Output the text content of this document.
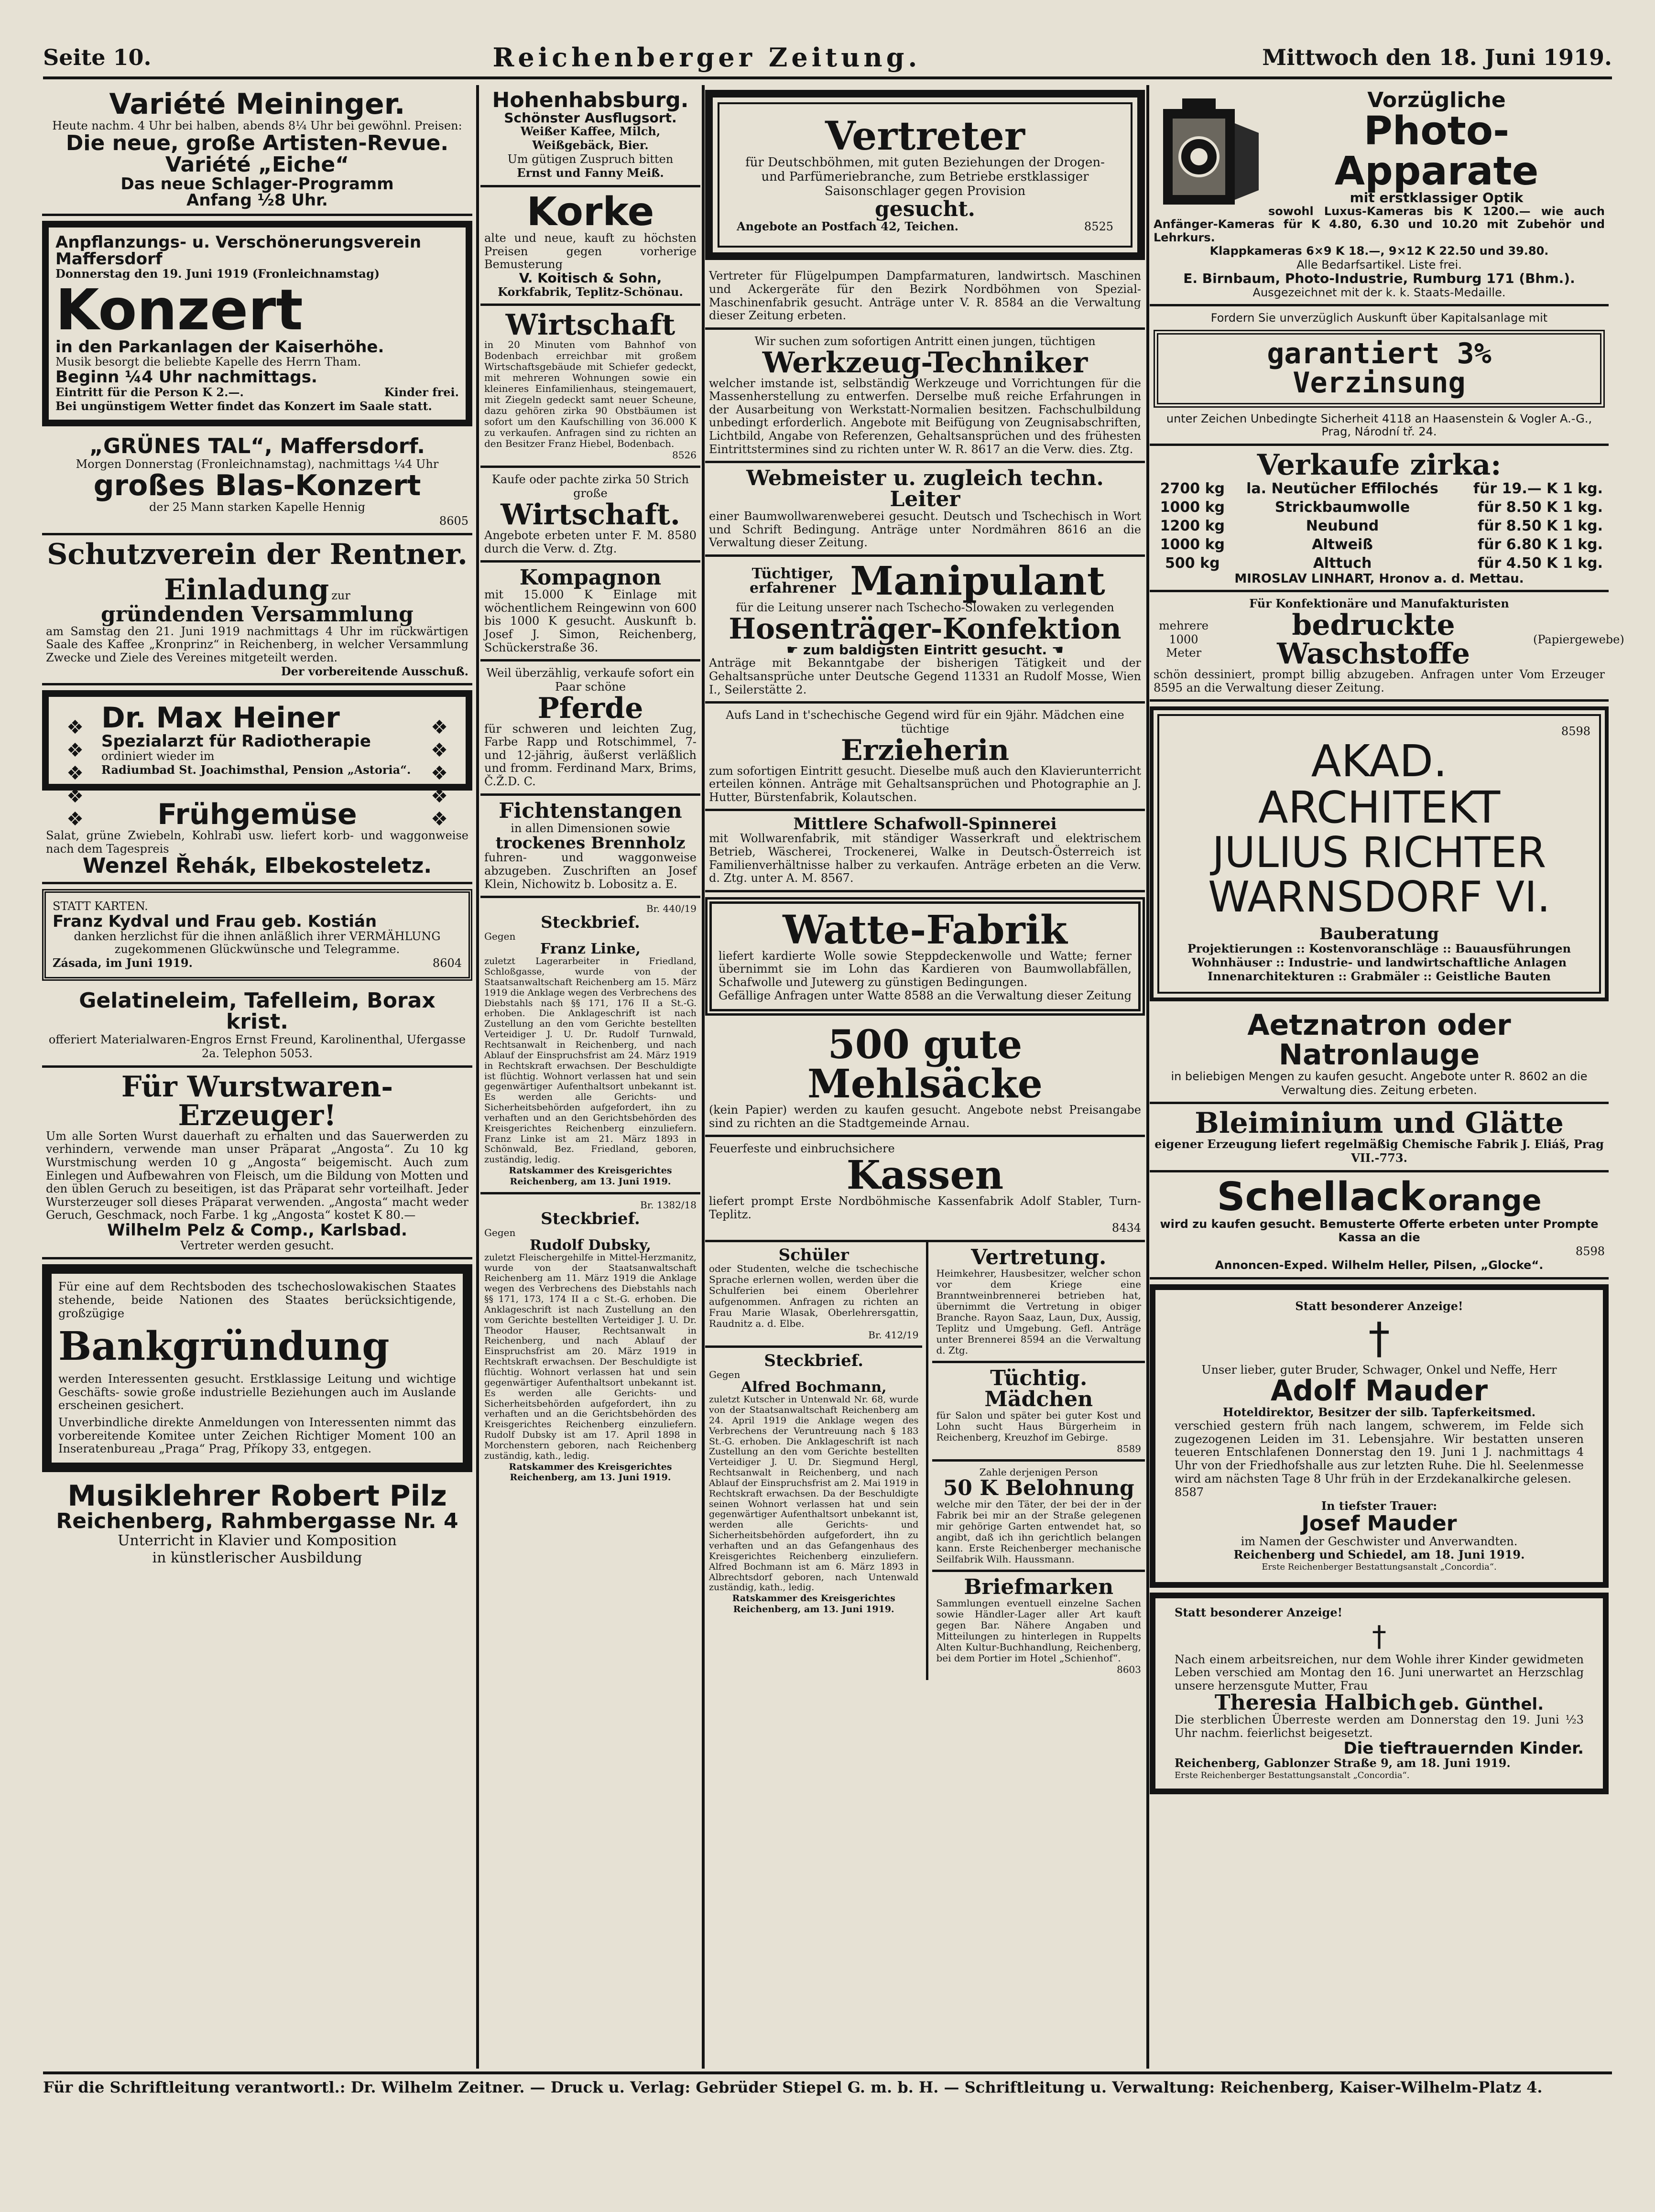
Seite 10.	Reichenberger Zeitung.	Mittwoch den 18. Juni 1919.
Variété Meininger.
Heute nachm. 4 Uhr bei halben, abends 8¼ Uhr bei gewöhnl. Preisen:
Die neue, große Artisten-Revue.
Variété „Eiche“
Das neue Schlager-Programm
Anfang ½8 Uhr.
Anpflanzungs- u. Verschönerungsverein Maffersdorf
Donnerstag den 19. Juni 1919 (Fronleichnamstag)
Konzert
in den Parkanlagen der Kaiserhöhe.
Musik besorgt die beliebte Kapelle des Herrn Tham.
Beginn ¼4 Uhr nachmittags.
Eintritt für die Person K 2.—.	Kinder frei.
Bei ungünstigem Wetter findet das Konzert im Saale statt.
„GRÜNES TAL“, Maffersdorf.
Morgen Donnerstag (Fronleichnamstag), nachmittags ¼4 Uhr
großes Blas-Konzert
der 25 Mann starken Kapelle Hennig
8605
Schutzverein der Rentner.
Einladung zur
gründenden Versammlung
am Samstag den 21. Juni 1919 nachmittags 4 Uhr im rückwärtigen Saale des Kaffee „Kronprinz“ in Reichenberg, in welcher Versammlung Zwecke und Ziele des Vereines mitgeteilt werden.
Der vorbereitende Ausschuß.
❖
❖
❖
❖
❖
❖
❖
❖
❖
❖
Dr. Max Heiner
Spezialarzt für Radiotherapie
ordiniert wieder im
Radiumbad St. Joachimsthal, Pension „Astoria“.
Frühgemüse
Salat, grüne Zwiebeln, Kohlrabi usw. liefert korb- und waggonweise nach dem Tagespreis
Wenzel Řehák, Elbekosteletz.
STATT KARTEN.
Franz Kydval und Frau geb. Kostián
danken herzlichst für die ihnen anläßlich ihrer VERMÄHLUNG zugekommenen Glückwünsche und Telegramme.
Zásada, im Juni 1919.	8604
Gelatineleim, Tafelleim, Borax krist.
offeriert Materialwaren-Engros Ernst Freund, Karolinenthal, Ufergasse 2a. Telephon 5053.
Für Wurstwaren-Erzeuger!
Um alle Sorten Wurst dauerhaft zu erhalten und das Sauerwerden zu verhindern, verwende man unser Präparat „Angosta“. Zu 10 kg Wurstmischung werden 10 g „Angosta“ beigemischt. Auch zum Einlegen und Aufbewahren von Fleisch, um die Bildung von Motten und den üblen Geruch zu beseitigen, ist das Präparat sehr vorteilhaft. Jeder Wursterzeuger soll dieses Präparat verwenden. „Angosta“ macht weder Geruch, Geschmack, noch Farbe. 1 kg „Angosta“ kostet K 80.—
Wilhelm Pelz & Comp., Karlsbad.
Vertreter werden gesucht.
Für eine auf dem Rechtsboden des tschechoslowakischen Staates stehende, beide Nationen des Staates berücksichtigende, großzügige
Bankgründung
werden Interessenten gesucht. Erstklassige Leitung und wichtige Geschäfts- sowie große industrielle Beziehungen auch im Auslande erscheinen gesichert.
Unverbindliche direkte Anmeldungen von Interessenten nimmt das vorbereitende Komitee unter Zeichen Richtiger Moment 100 an Inseratenbureau „Praga“ Prag, Příkopy 33, entgegen.
Musiklehrer Robert Pilz
Reichenberg, Rahmbergasse Nr. 4
Unterricht in Klavier und Komposition
in künstlerischer Ausbildung
Hohenhabsburg.
Schönster Ausflugsort.
Weißer Kaffee, Milch, Weißgebäck, Bier.
Um gütigen Zuspruch bitten
Ernst und Fanny Meiß.
Korke
alte und neue, kauft zu höchsten Preisen gegen vorherige Bemusterung
V. Koitisch & Sohn,
Korkfabrik, Teplitz-Schönau.
Wirtschaft
in 20 Minuten vom Bahnhof von Bodenbach erreichbar mit großem Wirtschaftsgebäude mit Schiefer gedeckt, mit mehreren Wohnungen sowie ein kleineres Einfamilienhaus, steingemauert, mit Ziegeln gedeckt samt neuer Scheune, dazu gehören zirka 90 Obstbäumen ist sofort um den Kaufschilling von 36.000 K zu verkaufen. Anfragen sind zu richten an den Besitzer Franz Hiebel, Bodenbach.
8526
Kaufe oder pachte zirka 50 Strich große
Wirtschaft.
Angebote erbeten unter F. M. 8580 durch die Verw. d. Ztg.
Kompagnon
mit 15.000 K Einlage mit wöchentlichem Reingewinn von 600 bis 1000 K gesucht. Auskunft b. Josef J. Simon, Reichenberg, Schückerstraße 36.
Weil überzählig, verkaufe sofort ein Paar schöne
Pferde
für schweren und leichten Zug, Farbe Rapp und Rotschimmel, 7- und 12-jährig, äußerst verläßlich und fromm. Ferdinand Marx, Brims, Č.Ž.D. C.
Fichtenstangen
in allen Dimensionen sowie
trockenes Brennholz
fuhren- und waggonweise abzugeben. Zuschriften an Josef Klein, Nichowitz b. Lobositz a. E.
Br. 440/19
Steckbrief.
Gegen
Franz Linke,
zuletzt Lagerarbeiter in Friedland, Schloßgasse, wurde von der Staatsanwaltschaft Reichenberg am 15. März 1919 die Anklage wegen des Verbrechens des Diebstahls nach §§ 171, 176 II a St.-G. erhoben. Die Anklageschrift ist nach Zustellung an den vom Gerichte bestellten Verteidiger J. U. Dr. Rudolf Turnwald, Rechtsanwalt in Reichenberg, und nach Ablauf der Einspruchsfrist am 24. März 1919 in Rechtskraft erwachsen. Der Beschuldigte ist flüchtig. Wohnort verlassen hat und sein gegenwärtiger Aufenthaltsort unbekannt ist. Es werden alle Gerichts- und Sicherheitsbehörden aufgefordert, ihn zu verhaften und an den Gerichtsbehörden des Kreisgerichtes Reichenberg einzuliefern. Franz Linke ist am 21. März 1893 in Schönwald, Bez. Friedland, geboren, zuständig, ledig.
Ratskammer des Kreisgerichtes Reichenberg, am 13. Juni 1919.
Br. 1382/18
Steckbrief.
Gegen
Rudolf Dubsky,
zuletzt Fleischergehilfe in Mittel-Herzmanitz, wurde von der Staatsanwaltschaft Reichenberg am 11. März 1919 die Anklage wegen des Verbrechens des Diebstahls nach §§ 171, 173, 174 II a c St.-G. erhoben. Die Anklageschrift ist nach Zustellung an den vom Gerichte bestellten Verteidiger J. U. Dr. Theodor Hauser, Rechtsanwalt in Reichenberg, und nach Ablauf der Einspruchsfrist am 20. März 1919 in Rechtskraft erwachsen. Der Beschuldigte ist flüchtig. Wohnort verlassen hat und sein gegenwärtiger Aufenthaltsort unbekannt ist. Es werden alle Gerichts- und Sicherheitsbehörden aufgefordert, ihn zu verhaften und an die Gerichtsbehörden des Kreisgerichtes Reichenberg einzuliefern. Rudolf Dubsky ist am 17. April 1898 in Morchenstern geboren, nach Reichenberg zuständig, kath., ledig.
Ratskammer des Kreisgerichtes Reichenberg, am 13. Juni 1919.
Vertreter
für Deutschböhmen, mit guten Beziehungen der Drogen- und Parfümeriebranche, zum Betriebe erstklassiger Saisonschlager gegen Provision
gesucht.
Angebote an Postfach 42, Teichen.	8525
Vertreter für Flügelpumpen Dampfarmaturen, landwirtsch. Maschinen und Ackergeräte für den Bezirk Nordböhmen von Spezial-Maschinenfabrik gesucht. Anträge unter V. R. 8584 an die Verwaltung dieser Zeitung erbeten.
Wir suchen zum sofortigen Antritt einen jungen, tüchtigen
Werkzeug-Techniker
welcher imstande ist, selbständig Werkzeuge und Vorrichtungen für die Massenherstellung zu entwerfen. Derselbe muß reiche Erfahrungen in der Ausarbeitung von Werkstatt-Normalien besitzen. Fachschulbildung unbedingt erforderlich. Angebote mit Beifügung von Zeugnisabschriften, Lichtbild, Angabe von Referenzen, Gehaltsansprüchen und des frühesten Eintrittstermines sind zu richten unter W. R. 8617 an die Verw. dies. Ztg.
Webmeister u. zugleich techn. Leiter
einer Baumwollwarenweberei gesucht. Deutsch und Tschechisch in Wort und Schrift Bedingung. Anträge unter Nordmähren 8616 an die Verwaltung dieser Zeitung.
Tüchtiger, erfahrener Manipulant
für die Leitung unserer nach Tschecho-Slowaken zu verlegenden
Hosenträger-Konfektion
☛ zum baldigsten Eintritt gesucht. ☚
Anträge mit Bekanntgabe der bisherigen Tätigkeit und der Gehaltsansprüche unter Deutsche Gegend 11331 an Rudolf Mosse, Wien I., Seilerstätte 2.
Aufs Land in t'schechische Gegend wird für ein 9jähr. Mädchen eine tüchtige
Erzieherin
zum sofortigen Eintritt gesucht. Dieselbe muß auch den Klavierunterricht erteilen können. Anträge mit Gehaltsansprüchen und Photographie an J. Hutter, Bürstenfabrik, Kolautschen.
Mittlere Schafwoll-Spinnerei
mit Wollwarenfabrik, mit ständiger Wasserkraft und elektrischem Betrieb, Wäscherei, Trockenerei, Walke in Deutsch-Österreich ist Familienverhältnisse halber zu verkaufen. Anträge erbeten an die Verw. d. Ztg. unter A. M. 8567.
Watte-Fabrik
liefert kardierte Wolle sowie Steppdeckenwolle und Watte; ferner übernimmt sie im Lohn das Kardieren von Baumwollabfällen, Schafwolle und Jutewerg zu günstigen Bedingungen.
Gefällige Anfragen unter Watte 8588 an die Verwaltung dieser Zeitung
500 gute Mehlsäcke
(kein Papier) werden zu kaufen gesucht. Angebote nebst Preisangabe sind zu richten an die Stadtgemeinde Arnau.
Feuerfeste und einbruchsichere
Kassen
liefert prompt Erste Nordböhmische Kassenfabrik Adolf Stabler, Turn-Teplitz.
8434
Schüler
oder Studenten, welche die tschechische Sprache erlernen wollen, werden über die Schulferien bei einem Oberlehrer aufgenommen. Anfragen zu richten an Frau Marie Wlasak, Oberlehrersgattin, Raudnitz a. d. Elbe.
Br. 412/19
Steckbrief.
Gegen
Alfred Bochmann,
zuletzt Kutscher in Untenwald Nr. 68, wurde von der Staatsanwaltschaft Reichenberg am 24. April 1919 die Anklage wegen des Verbrechens der Veruntreuung nach § 183 St.-G. erhoben. Die Anklageschrift ist nach Zustellung an den vom Gerichte bestellten Verteidiger J. U. Dr. Siegmund Hergl, Rechtsanwalt in Reichenberg, und nach Ablauf der Einspruchsfrist am 2. Mai 1919 in Rechtskraft erwachsen. Da der Beschuldigte seinen Wohnort verlassen hat und sein gegenwärtiger Aufenthaltsort unbekannt ist, werden alle Gerichts- und Sicherheitsbehörden aufgefordert, ihn zu verhaften und an das Gefangenhaus des Kreisgerichtes Reichenberg einzuliefern. Alfred Bochmann ist am 6. März 1893 in Albrechtsdorf geboren, nach Untenwald zuständig, kath., ledig.
Ratskammer des Kreisgerichtes Reichenberg, am 13. Juni 1919.
Vertretung.
Heimkehrer, Hausbesitzer, welcher schon vor dem Kriege eine Branntweinbrennerei betrieben hat, übernimmt die Vertretung in obiger Branche. Rayon Saaz, Laun, Dux, Aussig, Teplitz und Umgebung. Gefl. Anträge unter Brennerei 8594 an die Verwaltung d. Ztg.
Tüchtig. Mädchen
für Salon und später bei guter Kost und Lohn sucht Haus Bürgerheim in Reichenberg, Kreuzhof im Gebirge.
8589
Zahle derjenigen Person
50 K Belohnung
welche mir den Täter, der bei der in der Fabrik bei mir an der Straße gelegenen mir gehörige Garten entwendet hat, so angibt, daß ich ihn gerichtlich belangen kann. Erste Reichenberger mechanische Seilfabrik Wilh. Haussmann.
Briefmarken
Sammlungen eventuell einzelne Sachen sowie Händler-Lager aller Art kauft gegen Bar. Nähere Angaben und Mitteilungen zu hinterlegen in Ruppelts Alten Kultur-Buchhandlung, Reichenberg, bei dem Portier im Hotel „Schienhof“.
8603
Vorzügliche
Photo-Apparate
mit erstklassiger Optik
sowohl Luxus-Kameras bis K 1200.— wie auch Anfänger-Kameras für K 4.80, 6.30 und 10.20 mit Zubehör und Lehrkurs.
Klappkameras 6×9 K 18.—, 9×12 K 22.50 und 39.80.
Alle Bedarfsartikel. Liste frei.
E. Birnbaum, Photo-Industrie, Rumburg 171 (Bhm.).
Ausgezeichnet mit der k. k. Staats-Medaille.
Fordern Sie unverzüglich Auskunft über Kapitalsanlage mit
garantiert 3% Verzinsung
unter Zeichen Unbedingte Sicherheit 4118 an Haasenstein & Vogler A.-G., Prag, Národní tř. 24.
Verkaufe zirka:
2700 kg	la. Neutücher Effilochés	für 19.— K 1 kg.
1000 kg	Strickbaumwolle	für 8.50 K 1 kg.
1200 kg	Neubund	für 8.50 K 1 kg.
1000 kg	Altweiß	für 6.80 K 1 kg.
500 kg	Alttuch	für 4.50 K 1 kg.
MIROSLAV LINHART, Hronov a. d. Mettau.
Für Konfektionäre und Manufakturisten
mehrere 1000 Meter
bedruckte Waschstoffe	(Papiergewebe)
schön dessiniert, prompt billig abzugeben. Anfragen unter Vom Erzeuger 8595 an die Verwaltung dieser Zeitung.
8598
AKAD.
ARCHITEKT
JULIUS RICHTER
WARNSDORF VI.
Bauberatung
Projektierungen :: Kostenvoranschläge :: Bauausführungen
Wohnhäuser :: Industrie- und landwirtschaftliche Anlagen
Innenarchitekturen :: Grabmäler :: Geistliche Bauten
Aetznatron oder
Natronlauge
in beliebigen Mengen zu kaufen gesucht. Angebote unter R. 8602 an die Verwaltung dies. Zeitung erbeten.
Bleiminium und Glätte
eigener Erzeugung liefert regelmäßig Chemische Fabrik J. Eliáš, Prag VII.-773.
Schellack orange
wird zu kaufen gesucht. Bemusterte Offerte erbeten unter Prompte Kassa an die
8598
Annoncen-Exped. Wilhelm Heller, Pilsen, „Glocke“.
Statt besonderer Anzeige!
†
Unser lieber, guter Bruder, Schwager, Onkel und Neffe, Herr
Adolf Mauder
Hoteldirektor, Besitzer der silb. Tapferkeitsmed.
verschied gestern früh nach langem, schwerem, im Felde sich zugezogenen Leiden im 31. Lebensjahre. Wir bestatten unseren teueren Entschlafenen Donnerstag den 19. Juni 1 J. nachmittags 4 Uhr von der Friedhofshalle aus zur letzten Ruhe. Die hl. Seelenmesse wird am nächsten Tage 8 Uhr früh in der Erzdekanalkirche gelesen.
8587
In tiefster Trauer:
Josef Mauder
im Namen der Geschwister und Anverwandten.
Reichenberg und Schiedel, am 18. Juni 1919.
Erste Reichenberger Bestattungsanstalt „Concordia“.
Statt besonderer Anzeige!
†
Nach einem arbeitsreichen, nur dem Wohle ihrer Kinder gewidmeten Leben verschied am Montag den 16. Juni unerwartet an Herzschlag unsere herzensgute Mutter, Frau
Theresia Halbich geb. Günthel.
Die sterblichen Überreste werden am Donnerstag den 19. Juni ½3 Uhr nachm. feierlichst beigesetzt.
Die tieftrauernden Kinder.
Reichenberg, Gablonzer Straße 9, am 18. Juni 1919.
Erste Reichenberger Bestattungsanstalt „Concordia“.
Für die Schriftleitung verantwortl.: Dr. Wilhelm Zeitner. — Druck u. Verlag: Gebrüder Stiepel G. m. b. H. — Schriftleitung u. Verwaltung: Reichenberg, Kaiser-Wilhelm-Platz 4.
